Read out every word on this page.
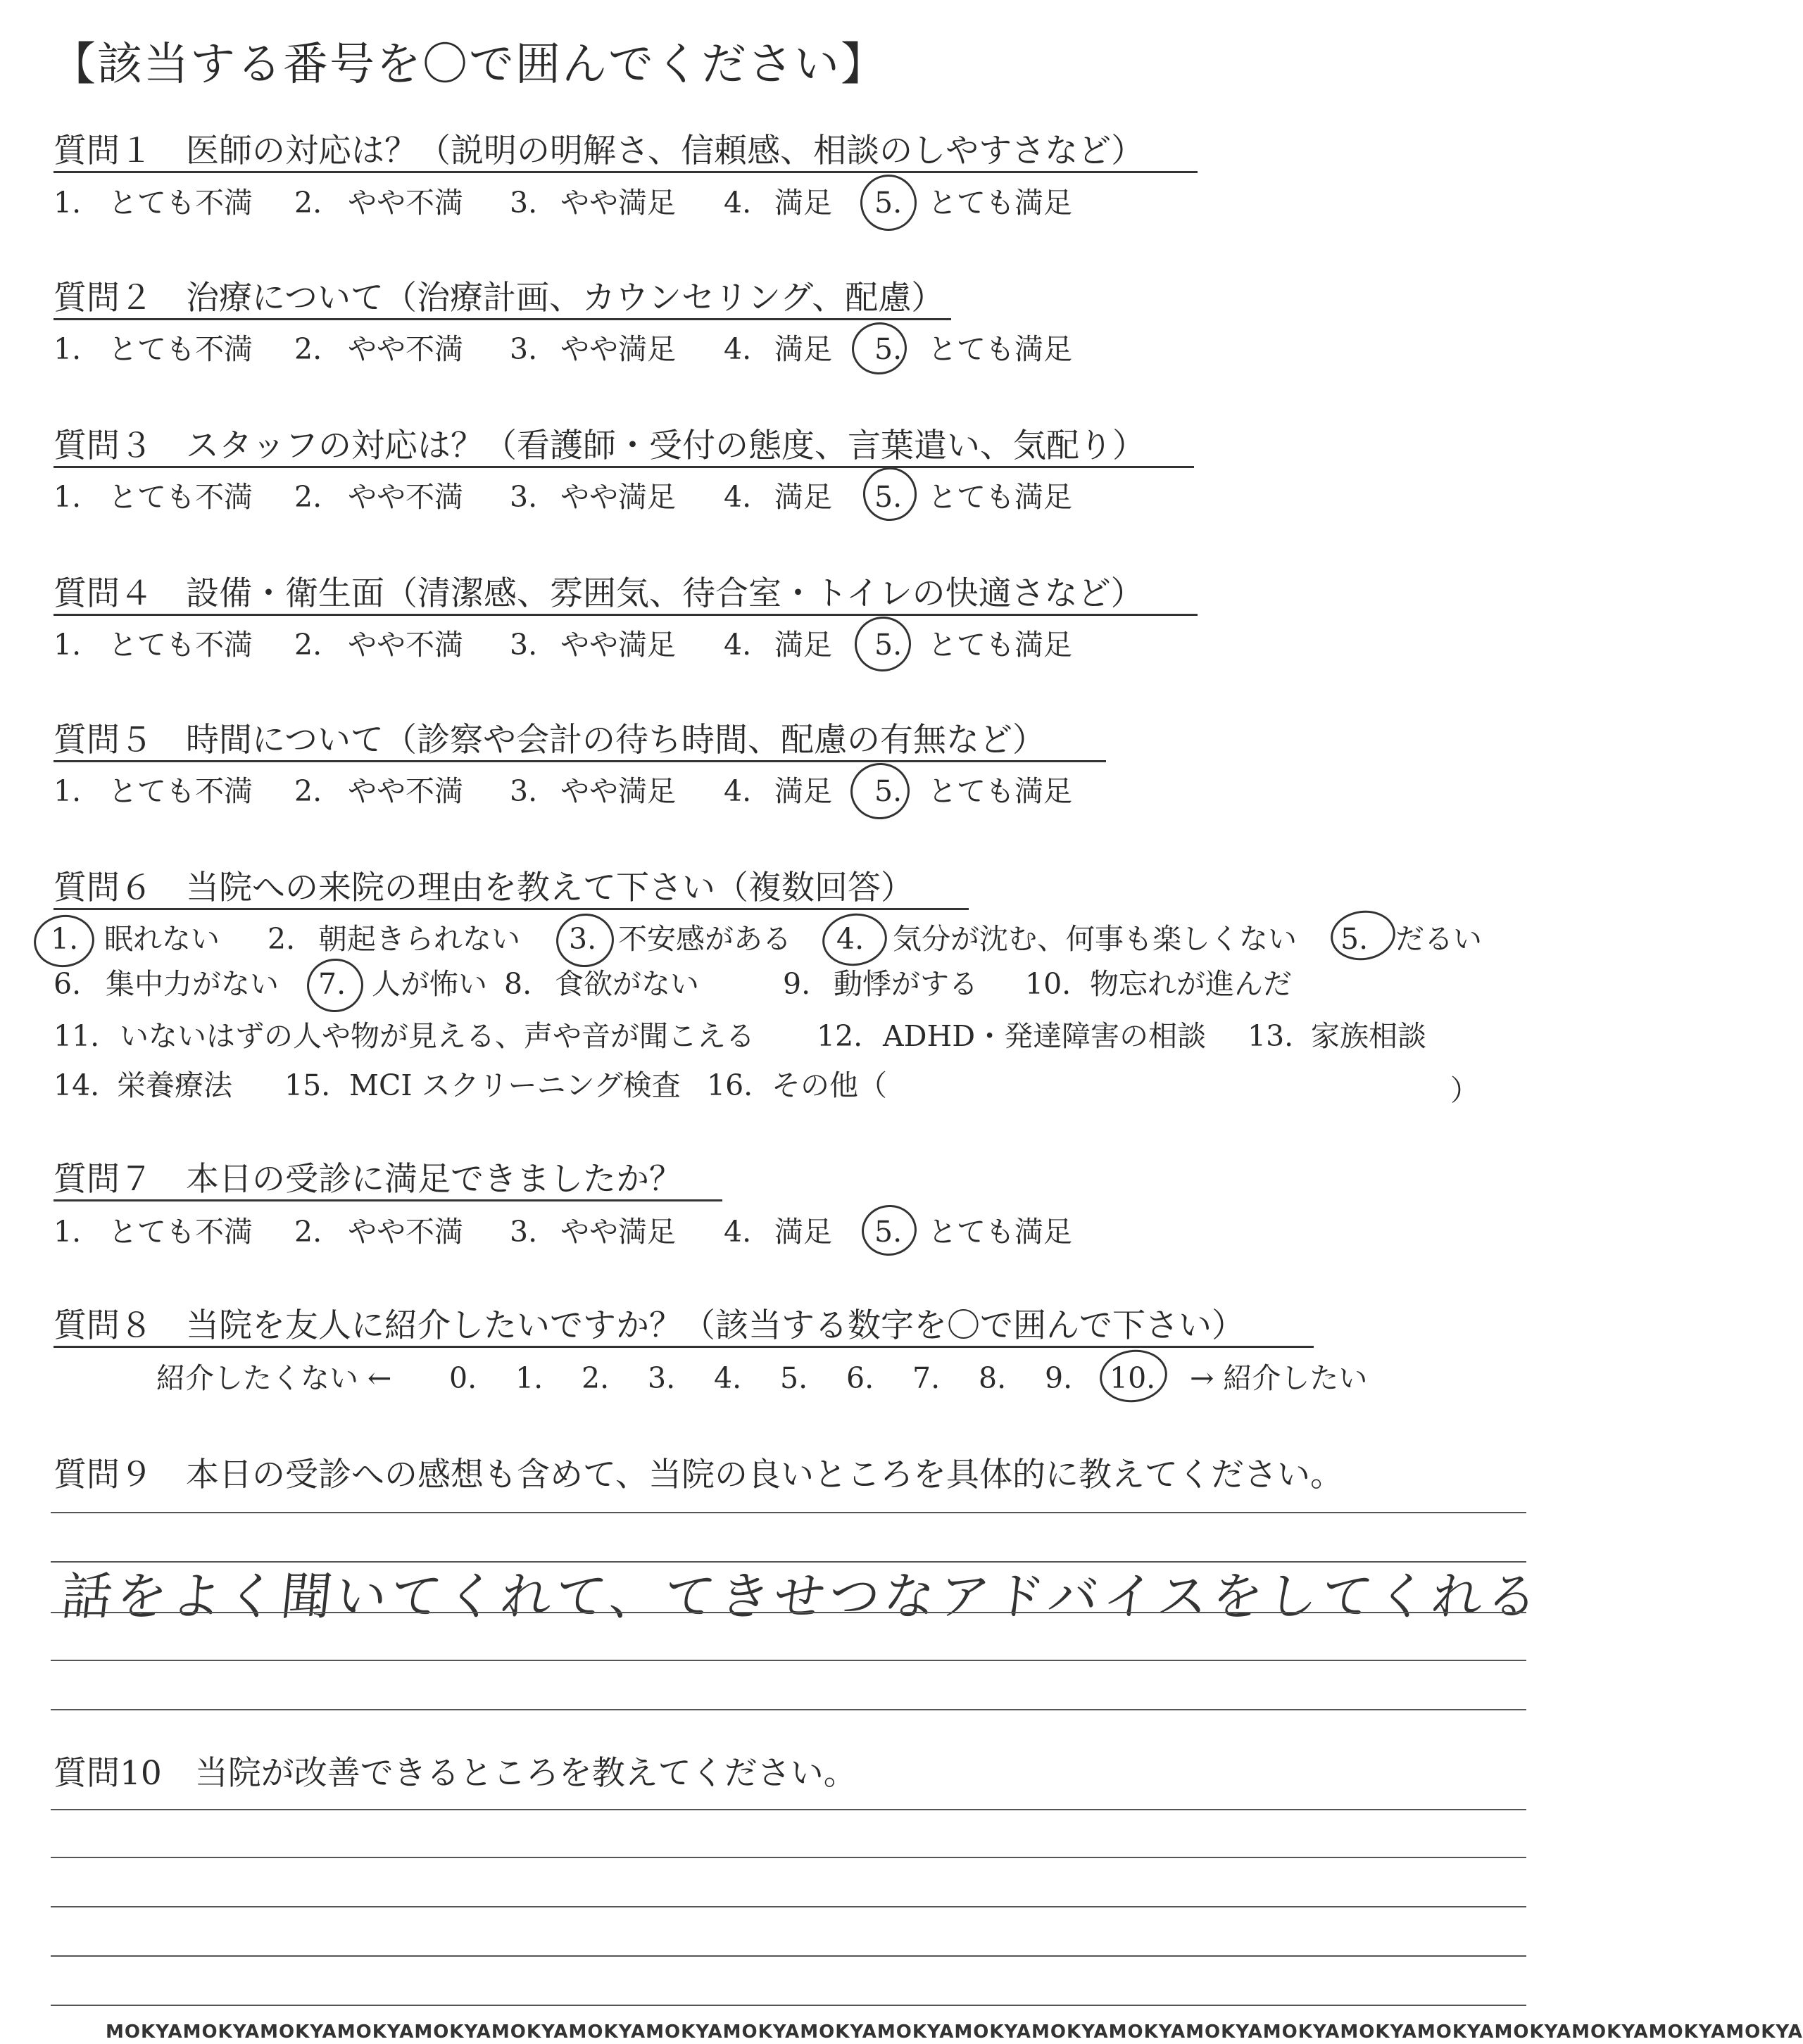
【該当する番号を〇で囲んでください】
質問１　医師の対応は？（説明の明解さ、信頼感、相談のしやすさなど）
1. とても不満 2. やや不満 3. やや満足 4. 満足 5. とても満足
質問２　治療について（治療計画、カウンセリング、配慮）
1. とても不満 2. やや不満 3. やや満足 4. 満足 5. とても満足
質問３　スタッフの対応は？（看護師・受付の態度、言葉遣い、気配り）
1. とても不満 2. やや不満 3. やや満足 4. 満足 5. とても満足
質問４　設備・衛生面（清潔感、雰囲気、待合室・トイレの快適さなど）
1. とても不満 2. やや不満 3. やや満足 4. 満足 5. とても満足
質問５　時間について（診察や会計の待ち時間、配慮の有無など）
1. とても不満 2. やや不満 3. やや満足 4. 満足 5. とても満足
質問６　当院への来院の理由を教えて下さい（複数回答）
1. 眠れない 2. 朝起きられない 3. 不安感がある 4. 気分が沈む、何事も楽しくない 5. だるい
6. 集中力がない 7. 人が怖い 8. 食欲がない	9. 動悸がする 10. 物忘れが進んだ
11. いないはずの人や物が見える、声や音が聞こえる 12. ADHD・発達障害の相談 13. 家族相談
14. 栄養療法 15. MCI スクリーニング検査 16. その他（	）
質問７　本日の受診に満足できましたか？
1. とても不満 2. やや不満 3. やや満足 4. 満足 5. とても満足
質問８　当院を友人に紹介したいですか？（該当する数字を〇で囲んで下さい）
紹介したくない ← 0. 1. 2. 3. 4. 5. 6. 7. 8. 9. 10. → 紹介したい
質問９　本日の受診への感想も含めて、当院の良いところを具体的に教えてください。
話をよく聞いてくれて、てきせつなアドバイスをしてくれる
質問10　当院が改善できるところを教えてください。
MOKYAMOKYAMOKYAMOKYAMOKYAMOKYAMOKYAMOKYAMOKYAMOKYAMOKYAMOKYAMOKYAMOKYAMOKYAMOKYAMOKYAMOKYAMOKYAMOKYAMOKYAMOKYA
